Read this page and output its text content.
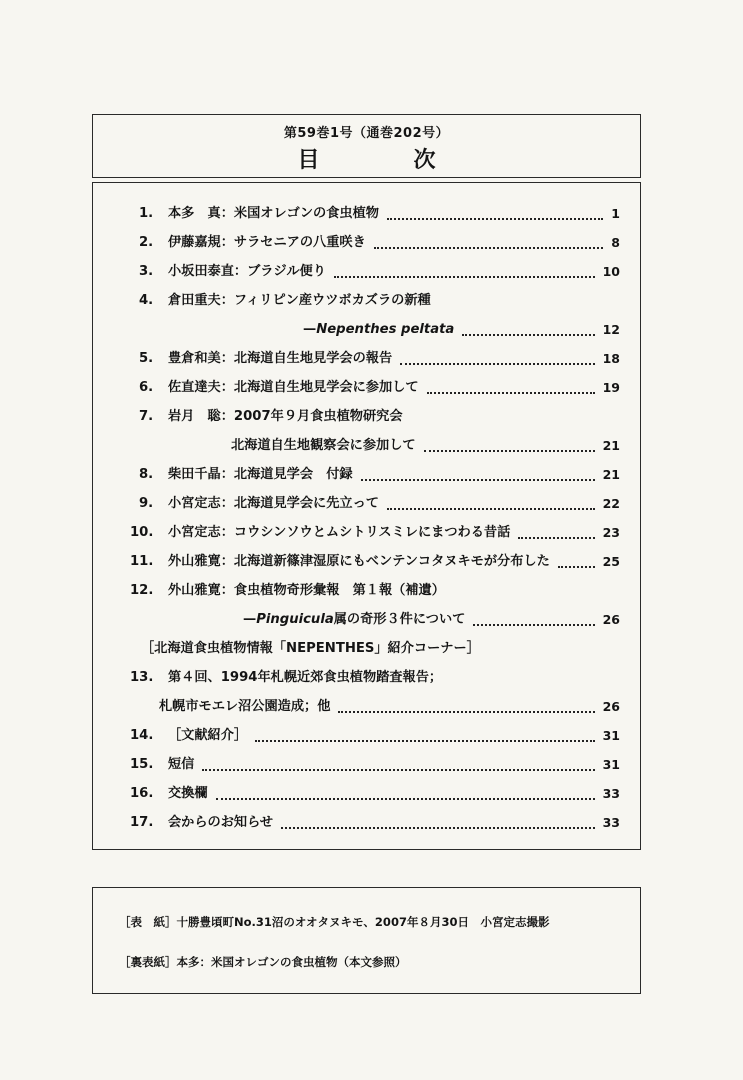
第59巻1号（通巻202号）
目　次
1. 本多　真：米国オレゴンの食虫植物	1
2. 伊藤嘉規：サラセニアの八重咲き	8
3. 小坂田泰直：ブラジル便り	10
4. 倉田重夫：フィリピン産ウツボカズラの新種
—Nepenthes peltata	12
5. 豊倉和美：北海道自生地見学会の報告	18
6. 佐直達夫：北海道自生地見学会に参加して	19
7. 岩月　聡：2007年９月食虫植物研究会
北海道自生地観察会に参加して	21
8. 柴田千晶：北海道見学会　付録	21
9. 小宮定志：北海道見学会に先立って	22
10. 小宮定志：コウシンソウとムシトリスミレにまつわる昔話	23
11. 外山雅寛：北海道新篠津湿原にもベンテンコタヌキモが分布した	25
12. 外山雅寛：食虫植物奇形彙報　第１報（補遺）
—Pinguicula属の奇形３件について	26
［北海道食虫植物情報「NEPENTHES」紹介コーナー］
13. 第４回、1994年札幌近郊食虫植物踏査報告；
札幌市モエレ沼公園造成；他	26
14. ［文献紹介］	31
15. 短信	31
16. 交換欄	33
17. 会からのお知らせ	33
［表　紙］十勝豊頃町No.31沼のオオタヌキモ、2007年８月30日　小宮定志撮影
［裏表紙］本多：米国オレゴンの食虫植物（本文参照）
